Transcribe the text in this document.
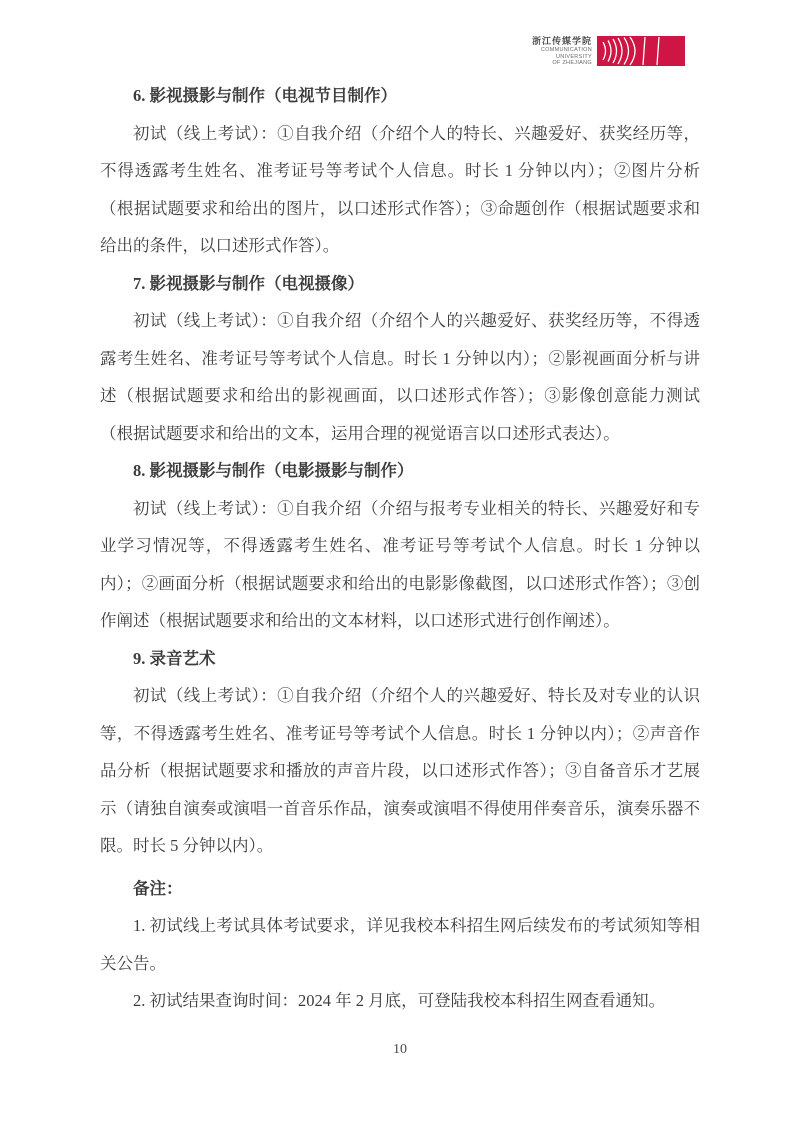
浙江传媒学院
COMMUNICATION
UNIVERSITY
OF ZHEJIANG

6. 影视摄影与制作（电视节目制作）

初试（线上考试）：①自我介绍（介绍个人的特长、兴趣爱好、获奖经历等，不得透露考生姓名、准考证号等考试个人信息。时长 1 分钟以内）；②图片分析（根据试题要求和给出的图片，以口述形式作答）；③命题创作（根据试题要求和给出的条件，以口述形式作答）。

7. 影视摄影与制作（电视摄像）

初试（线上考试）：①自我介绍（介绍个人的兴趣爱好、获奖经历等，不得透露考生姓名、准考证号等考试个人信息。时长 1 分钟以内）；②影视画面分析与讲述（根据试题要求和给出的影视画面，以口述形式作答）；③影像创意能力测试（根据试题要求和给出的文本，运用合理的视觉语言以口述形式表达）。

8. 影视摄影与制作（电影摄影与制作）

初试（线上考试）：①自我介绍（介绍与报考专业相关的特长、兴趣爱好和专业学习情况等，不得透露考生姓名、准考证号等考试个人信息。时长 1 分钟以内）；②画面分析（根据试题要求和给出的电影影像截图，以口述形式作答）；③创作阐述（根据试题要求和给出的文本材料，以口述形式进行创作阐述）。

9. 录音艺术

初试（线上考试）：①自我介绍（介绍个人的兴趣爱好、特长及对专业的认识等，不得透露考生姓名、准考证号等考试个人信息。时长 1 分钟以内）；②声音作品分析（根据试题要求和播放的声音片段，以口述形式作答）；③自备音乐才艺展示（请独自演奏或演唱一首音乐作品，演奏或演唱不得使用伴奏音乐，演奏乐器不限。时长 5 分钟以内）。

备注：

1. 初试线上考试具体考试要求，详见我校本科招生网后续发布的考试须知等相关公告。

2. 初试结果查询时间：2024 年 2 月底，可登陆我校本科招生网查看通知。

10
